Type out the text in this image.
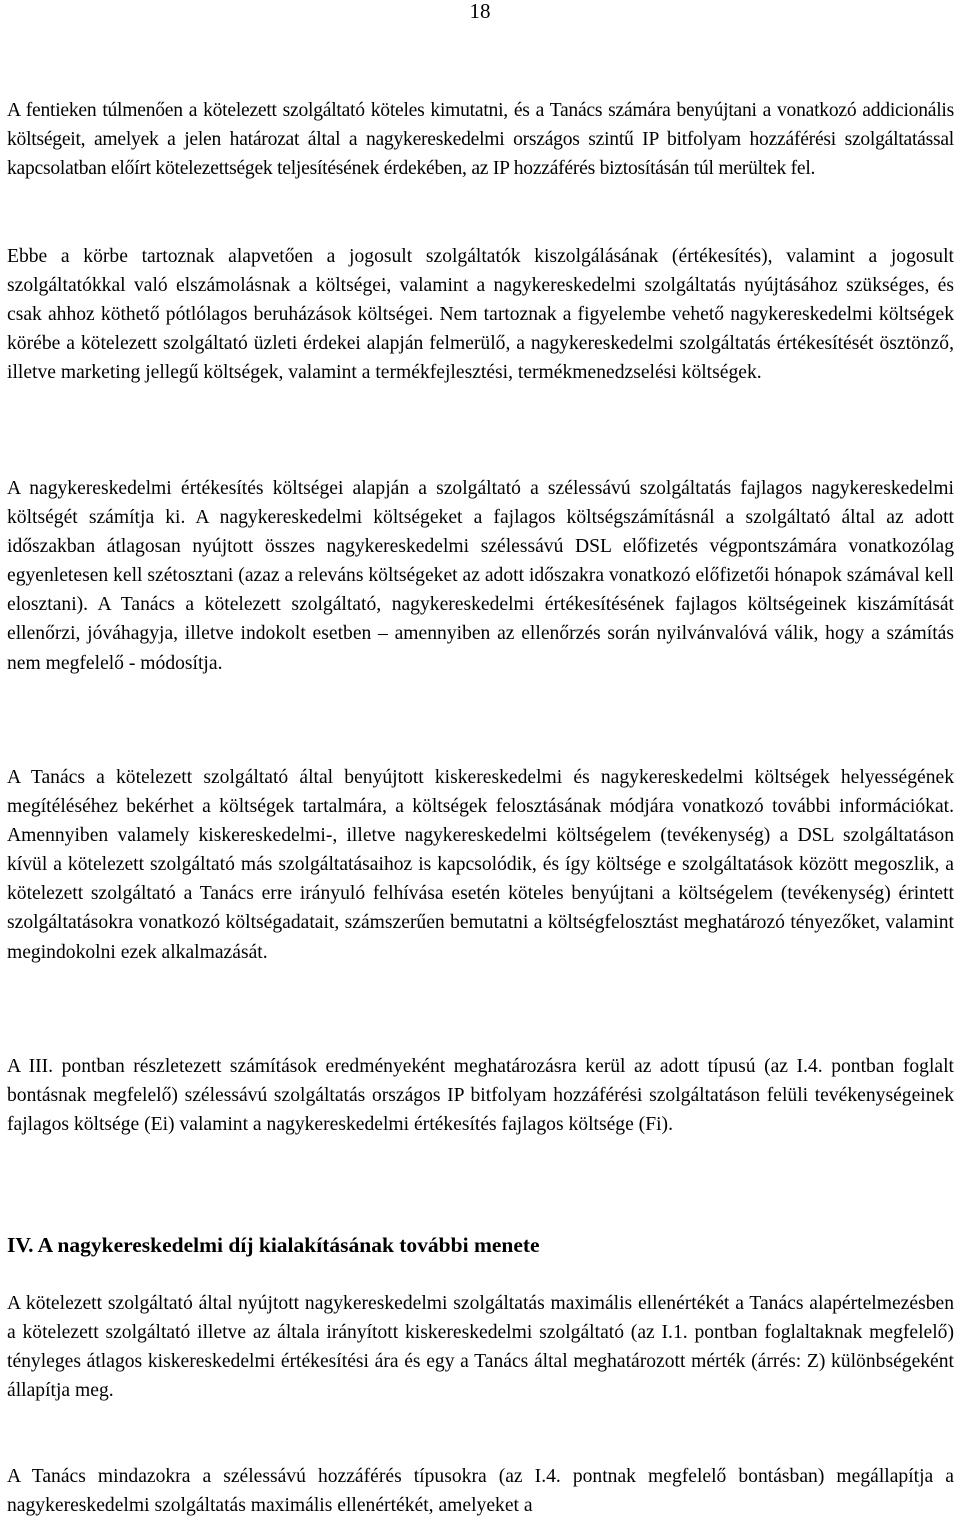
18

A fentieken túlmenően a kötelezett szolgáltató köteles kimutatni, és a Tanács számára benyújtani a vonatkozó addicionális költségeit, amelyek a jelen határozat által a nagykereskedelmi országos szintű IP bitfolyam hozzáférési szolgáltatással kapcsolatban előírt kötelezettségek teljesítésének érdekében, az IP hozzáférés biztosításán túl merültek fel.

Ebbe a körbe tartoznak alapvetően a jogosult szolgáltatók kiszolgálásának (értékesítés), valamint a jogosult szolgáltatókkal való elszámolásnak a költségei, valamint a nagykereskedelmi szolgáltatás nyújtásához szükséges, és csak ahhoz köthető pótlólagos beruházások költségei. Nem tartoznak a figyelembe vehető nagykereskedelmi költségek körébe a kötelezett szolgáltató üzleti érdekei alapján felmerülő, a nagykereskedelmi szolgáltatás értékesítését ösztönző, illetve marketing jellegű költségek, valamint a termékfejlesztési, termékmenedzselési költségek.

A nagykereskedelmi értékesítés költségei alapján a szolgáltató a szélessávú szolgáltatás fajlagos nagykereskedelmi költségét számítja ki. A nagykereskedelmi költségeket a fajlagos költségszámításnál a szolgáltató által az adott időszakban átlagosan nyújtott összes nagykereskedelmi szélessávú DSL előfizetés végpontszámára vonatkozólag egyenletesen kell szétosztani (azaz a releváns költségeket az adott időszakra vonatkozó előfizetői hónapok számával kell elosztani). A Tanács a kötelezett szolgáltató, nagykereskedelmi értékesítésének fajlagos költségeinek kiszámítását ellenőrzi, jóváhagyja, illetve indokolt esetben – amennyiben az ellenőrzés során nyilvánvalóvá válik, hogy a számítás nem megfelelő - módosítja.

A Tanács a kötelezett szolgáltató által benyújtott kiskereskedelmi és nagykereskedelmi költségek helyességének megítéléséhez bekérhet a költségek tartalmára, a költségek felosztásának módjára vonatkozó további információkat. Amennyiben valamely kiskereskedelmi-, illetve nagykereskedelmi költségelem (tevékenység) a DSL szolgáltatáson kívül a kötelezett szolgáltató más szolgáltatásaihoz is kapcsolódik, és így költsége e szolgáltatások között megoszlik, a kötelezett szolgáltató a Tanács erre irányuló felhívása esetén köteles benyújtani a költségelem (tevékenység) érintett szolgáltatásokra vonatkozó költségadatait, számszerűen bemutatni a költségfelosztást meghatározó tényezőket, valamint megindokolni ezek alkalmazását.

A III. pontban részletezett számítások eredményeként meghatározásra kerül az adott típusú (az I.4. pontban foglalt bontásnak megfelelő) szélessávú szolgáltatás országos IP bitfolyam hozzáférési szolgáltatáson felüli tevékenységeinek fajlagos költsége (Ei) valamint a nagykereskedelmi értékesítés fajlagos költsége (Fi).

IV. A nagykereskedelmi díj kialakításának további menete

A kötelezett szolgáltató által nyújtott nagykereskedelmi szolgáltatás maximális ellenértékét a Tanács alapértelmezésben a kötelezett szolgáltató illetve az általa irányított kiskereskedelmi szolgáltató (az I.1. pontban foglaltaknak megfelelő) tényleges átlagos kiskereskedelmi értékesítési ára és egy a Tanács által meghatározott mérték (árrés: Z) különbségeként állapítja meg.

A Tanács mindazokra a szélessávú hozzáférés típusokra (az I.4. pontnak megfelelő bontásban) megállapítja a nagykereskedelmi szolgáltatás maximális ellenértékét, amelyeket a
